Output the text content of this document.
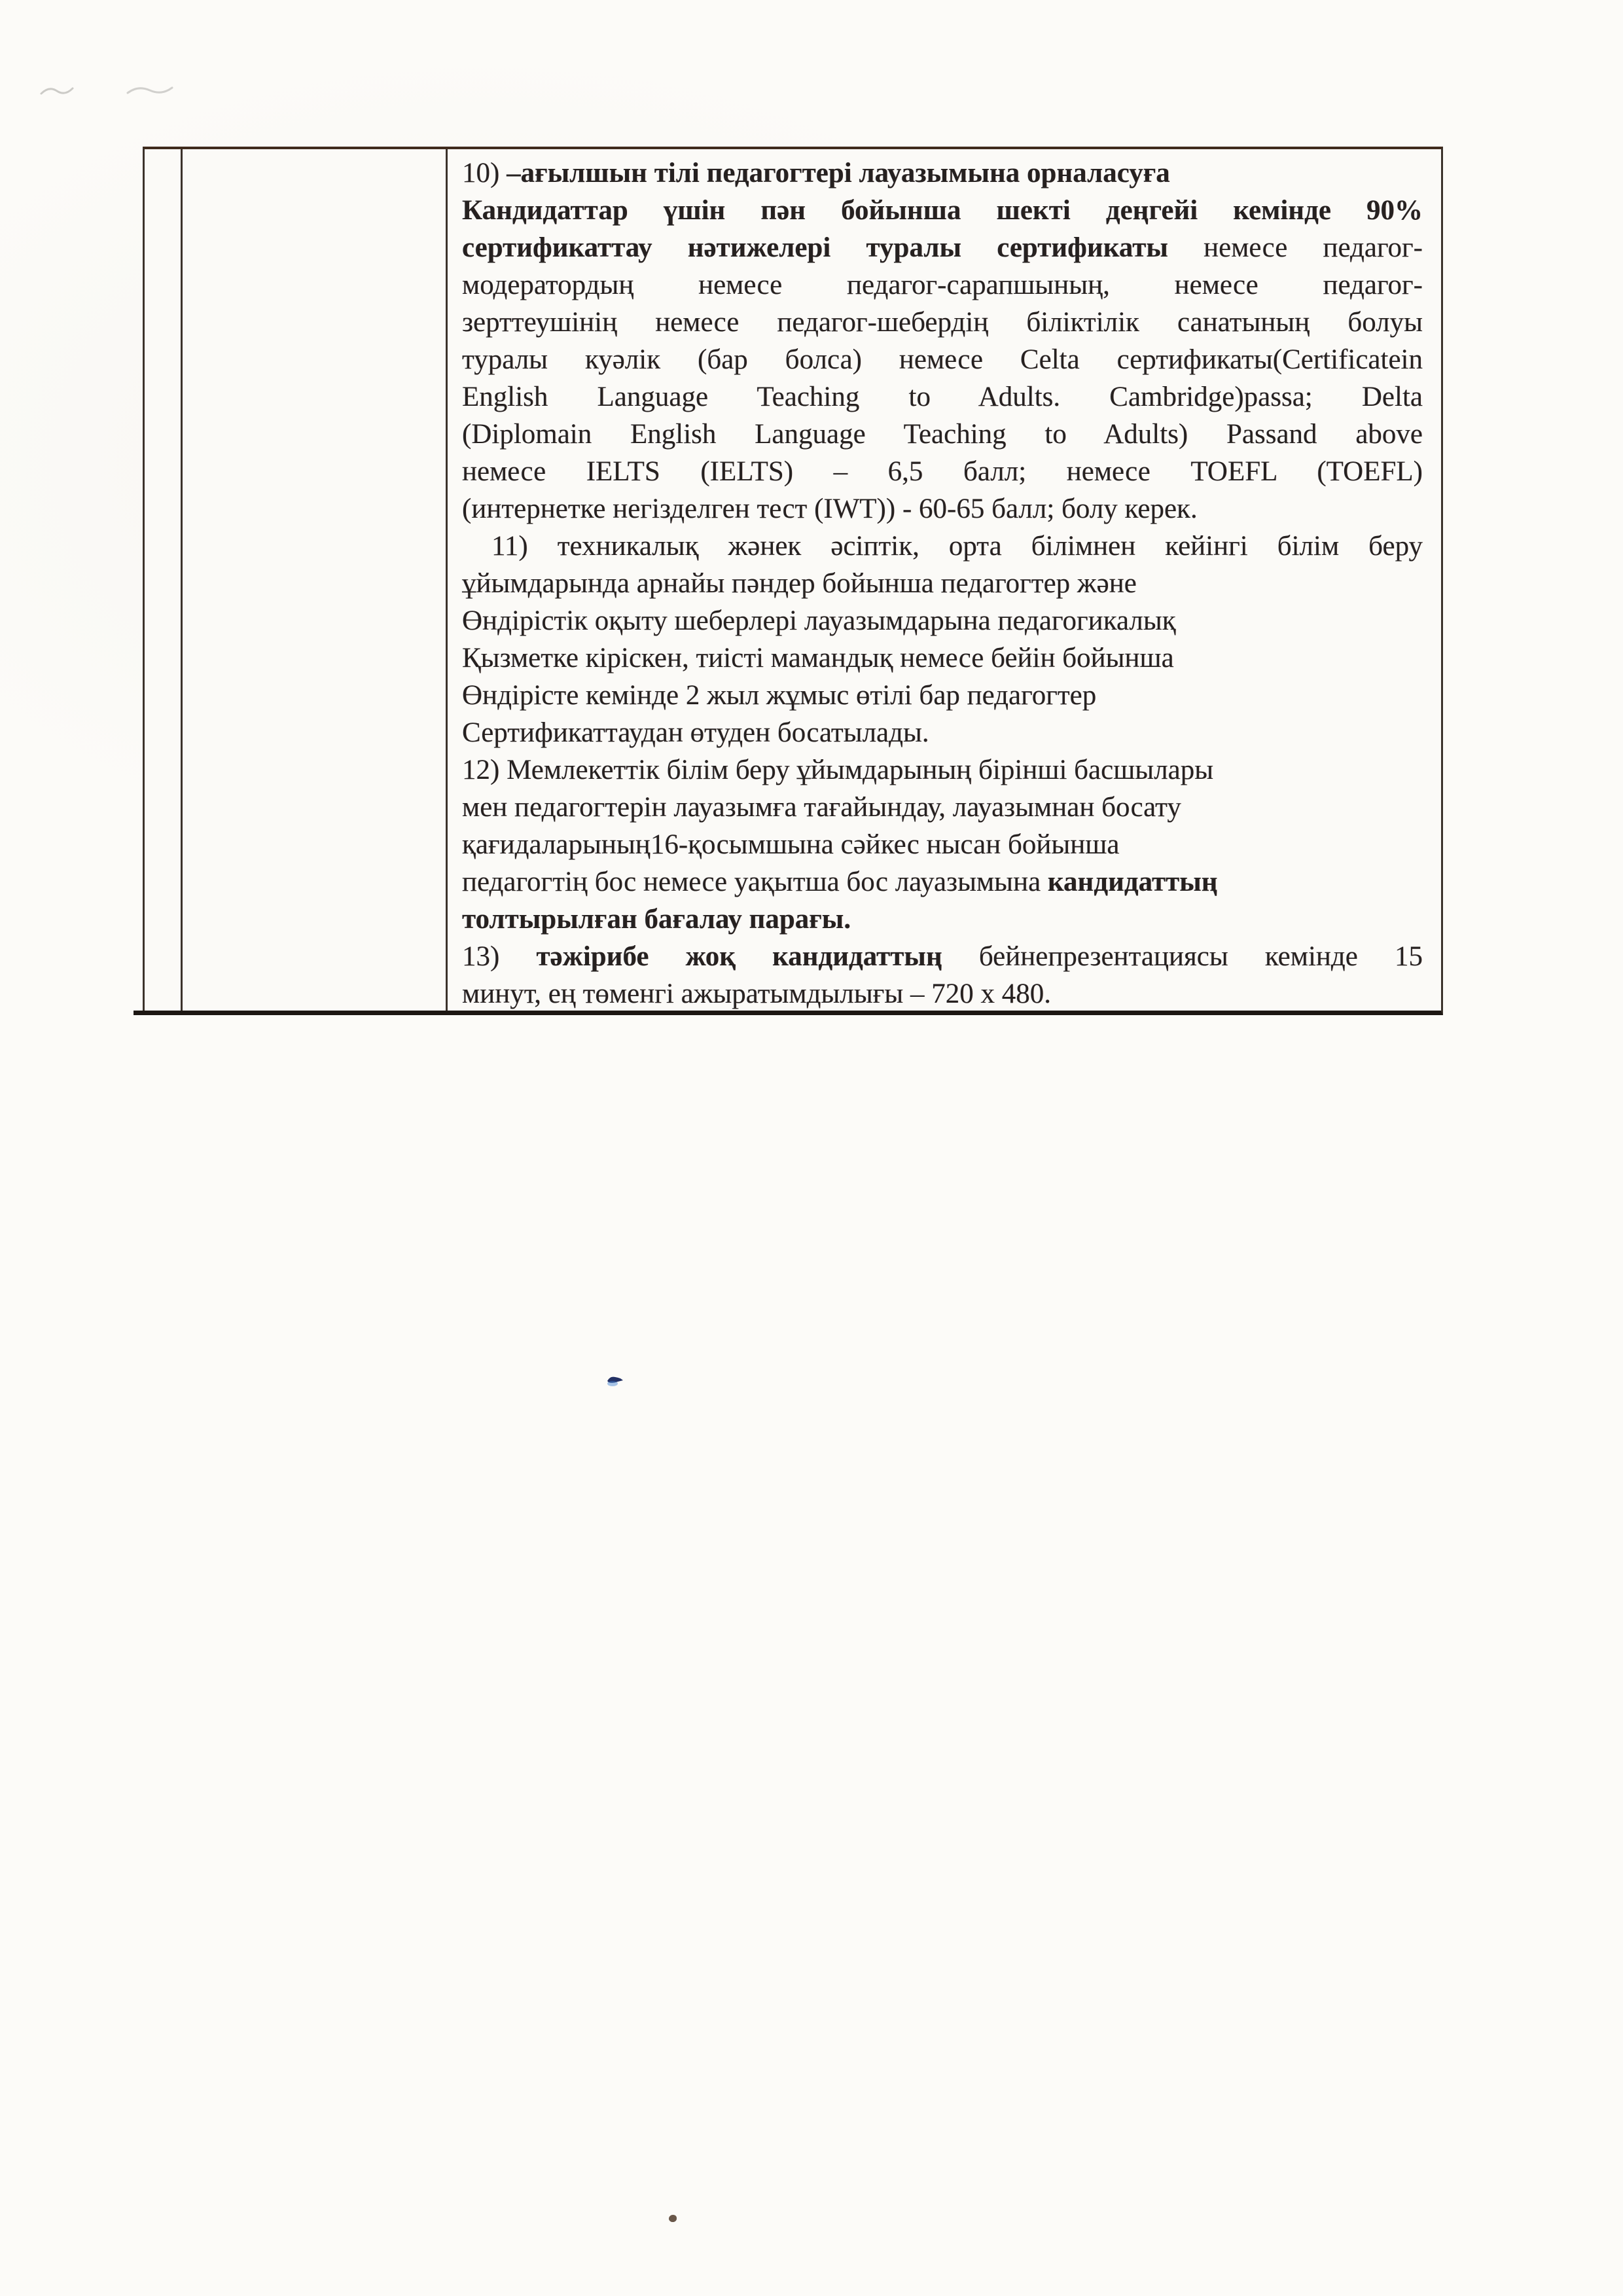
10) –ағылшын тілі педагогтері лауазымына орналасуға
Кандидаттар үшін пән бойынша шекті деңгейі кемінде 90%
сертификаттау нәтижелері туралы сертификаты немесе педагог-
модератордың немесе педагог-сарапшының, немесе педагог-
зерттеушінің немесе педагог-шебердің біліктілік санатының болуы
туралы куәлік (бар болса) немесе Celta сертификаты(Certificatein
English Language Teaching to Adults. Cambridge)passa; Delta
(Diplomain English Language Teaching to Adults) Passand above
немесе IELTS (IELTS) – 6,5 балл; немесе TOEFL (TOEFL)
(интернетке негізделген тест (IWT)) - 60-65 балл; болу керек.
11) техникалық жәнек әсіптік, орта білімнен кейінгі білім беру
ұйымдарында арнайы пәндер бойынша педагогтер және
Өндірістік оқыту шеберлері лауазымдарына педагогикалық
Қызметке кіріскен, тиісті мамандық немесе бейін бойынша
Өндірісте кемінде 2 жыл жұмыс өтілі бар педагогтер
Сертификаттаудан өтуден босатылады.
12) Мемлекеттік білім беру ұйымдарының бірінші басшылары
мен педагогтерін лауазымға тағайындау, лауазымнан босату
қағидаларының16-қосымшына сәйкес нысан бойынша
педагогтің бос немесе уақытша бос лауазымына кандидаттың
толтырылған бағалау парағы.
13) тәжірибе жоқ кандидаттың бейнепрезентациясы кемінде 15
минут, ең төменгі ажыратымдылығы – 720 x 480.
